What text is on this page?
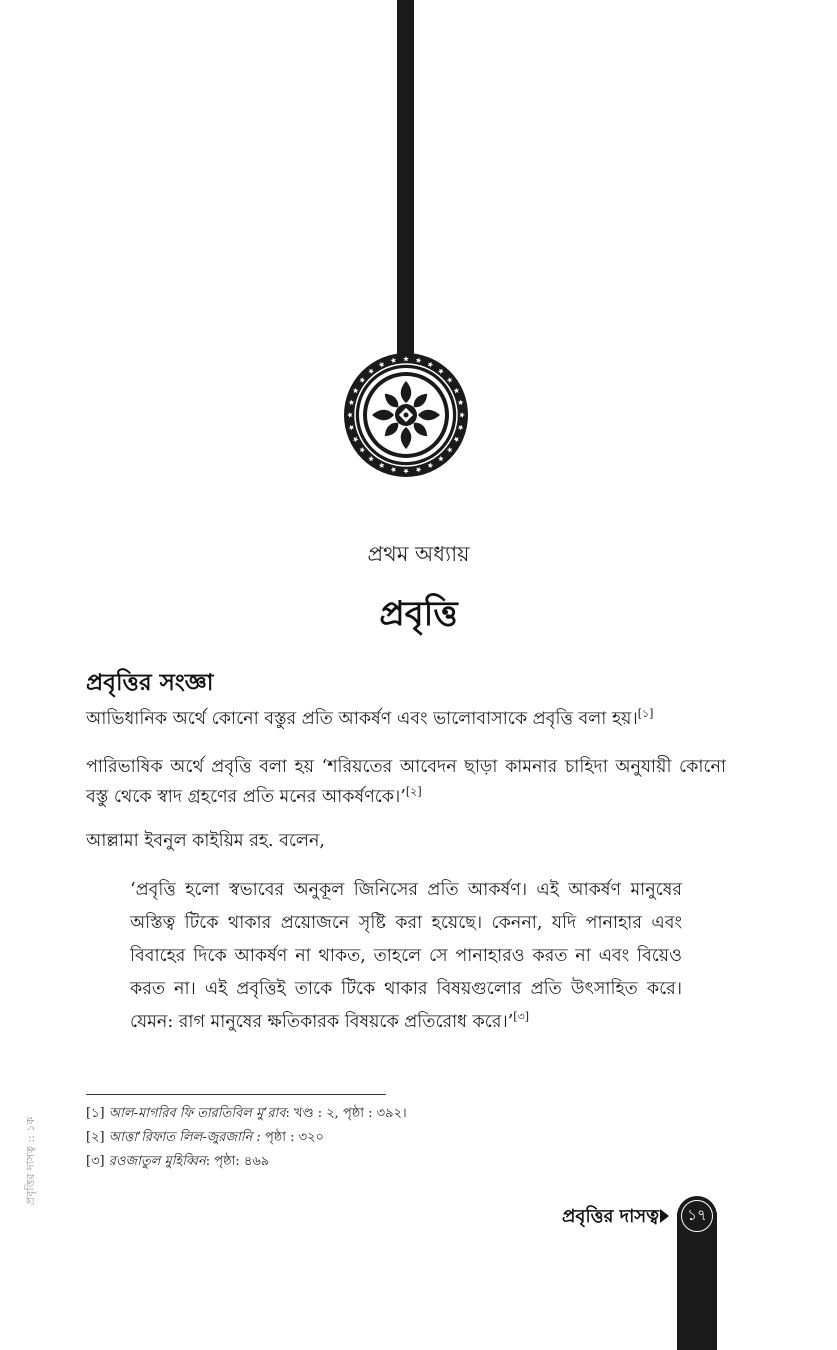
প্রথম অধ্যায়
প্রবৃত্তি
প্রবৃত্তির সংজ্ঞা
আভিধানিক অর্থে কোনো বস্তুর প্রতি আকর্ষণ এবং ভালোবাসাকে প্রবৃত্তি বলা হয়।[১]
পারিভাষিক অর্থে প্রবৃত্তি বলা হয় ‘শরিয়তের আবেদন ছাড়া কামনার চাহিদা অনুযায়ী কোনো বস্তু থেকে স্বাদ গ্রহণের প্রতি মনের আকর্ষণকে।’[২]
আল্লামা ইবনুল কাইয়িম রহ. বলেন,
‘প্রবৃত্তি হলো স্বভাবের অনুকূল জিনিসের প্রতি আকর্ষণ। এই আকর্ষণ মানুষের অস্তিত্ব টিকে থাকার প্রয়োজনে সৃষ্টি করা হয়েছে। কেননা, যদি পানাহার এবং বিবাহের দিকে আকর্ষণ না থাকত, তাহলে সে পানাহারও করত না এবং বিয়েও করত না। এই প্রবৃত্তিই তাকে টিকে থাকার বিষয়গুলোর প্রতি উৎসাহিত করে। যেমন: রাগ মানুষের ক্ষতিকারক বিষয়কে প্রতিরোধ করে।’[৩]
[১] আল-মাগরিব ফি তারতিবিল মু’রাব: খণ্ড : ২, পৃষ্ঠা : ৩৯২।
[২] আত্তা’রিফাত লিল-জুরজানি : পৃষ্ঠা : ৩২০
[৩] রওজাতুল মুহিব্বিন: পৃষ্ঠা: ৪৬৯
প্রবৃত্তির দাসত্ব :: ১ক
প্রবৃত্তির দাসত্ব	১৭
